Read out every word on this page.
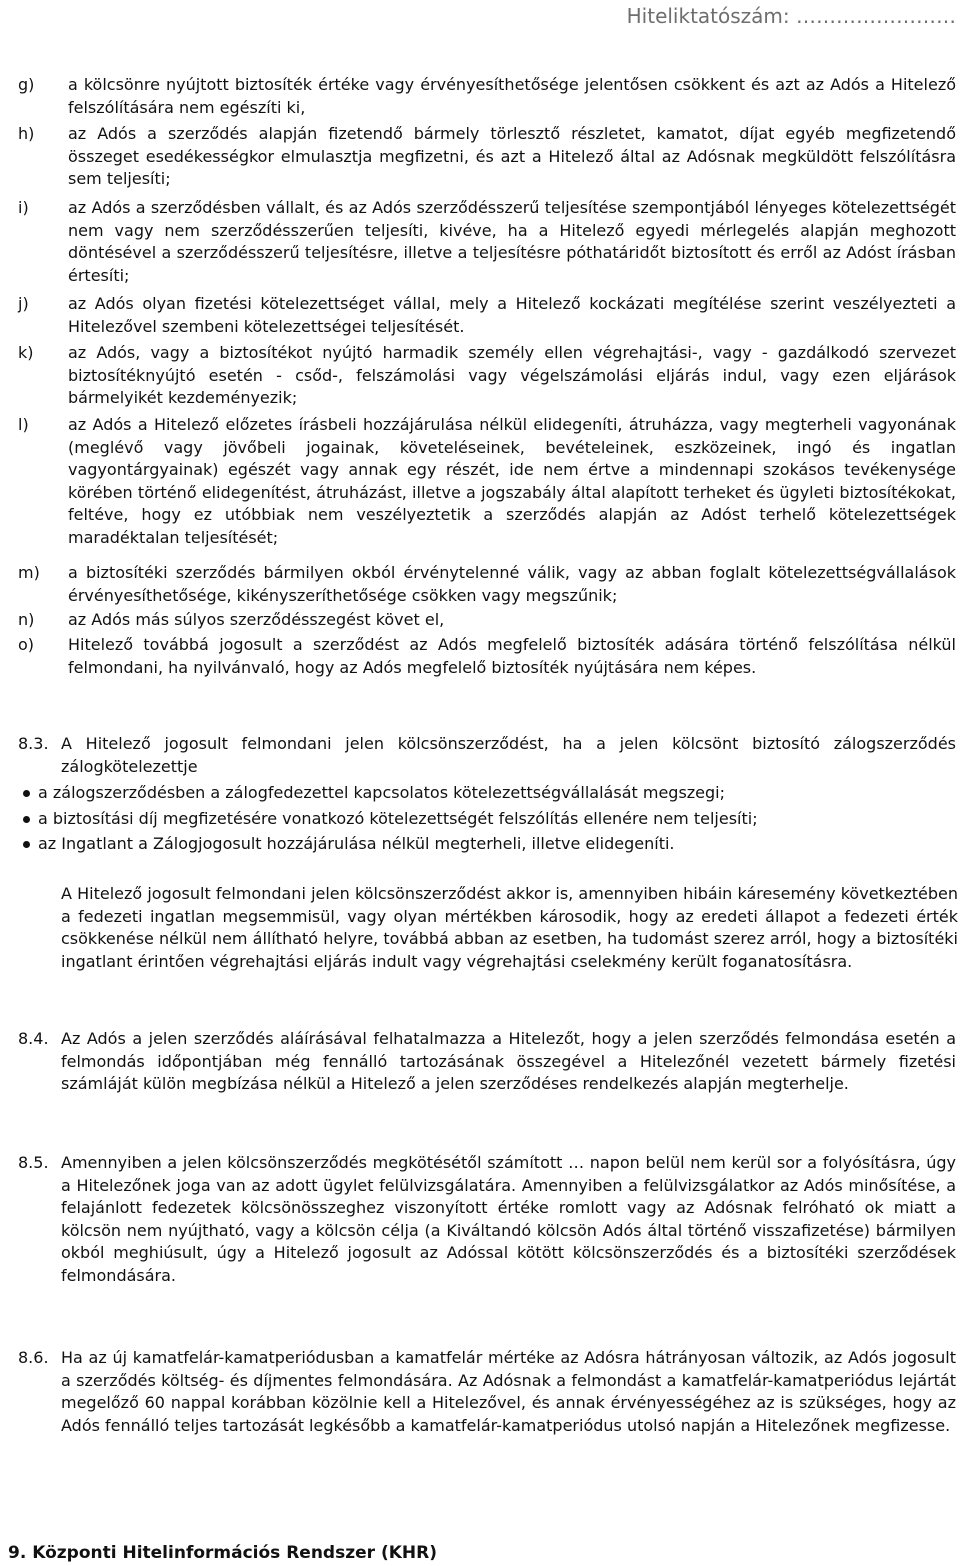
Hiteliktatószám: ……………………
g) a kölcsönre nyújtott biztosíték értéke vagy érvényesíthetősége jelentősen csökkent és azt az Adós a Hitelező felszólítására nem egészíti ki,
h) az Adós a szerződés alapján fizetendő bármely törlesztő részletet, kamatot, díjat egyéb megfizetendő összeget esedékességkor elmulasztja megfizetni, és azt a Hitelező által az Adósnak megküldött felszólításra sem teljesíti;
i) az Adós a szerződésben vállalt, és az Adós szerződésszerű teljesítése szempontjából lényeges kötelezettségét nem vagy nem szerződésszerűen teljesíti, kivéve, ha a Hitelező egyedi mérlegelés alapján meghozott döntésével a szerződésszerű teljesítésre, illetve a teljesítésre póthatáridőt biztosított és erről az Adóst írásban értesíti;
j) az Adós olyan fizetési kötelezettséget vállal, mely a Hitelező kockázati megítélése szerint veszélyezteti a Hitelezővel szembeni kötelezettségei teljesítését.
k) az Adós, vagy a biztosítékot nyújtó harmadik személy ellen végrehajtási-, vagy - gazdálkodó szervezet biztosítéknyújtó esetén - csőd-, felszámolási vagy végelszámolási eljárás indul, vagy ezen eljárások bármelyikét kezdeményezik;
l) az Adós a Hitelező előzetes írásbeli hozzájárulása nélkül elidegeníti, átruházza, vagy megterheli vagyonának (meglévő vagy jövőbeli jogainak, követeléseinek, bevételeinek, eszközeinek, ingó és ingatlan vagyontárgyainak) egészét vagy annak egy részét, ide nem értve a mindennapi szokásos tevékenysége körében történő elidegenítést, átruházást, illetve a jogszabály által alapított terheket és ügyleti biztosítékokat, feltéve, hogy ez utóbbiak nem veszélyeztetik a szerződés alapján az Adóst terhelő kötelezettségek maradéktalan teljesítését;
m) a biztosítéki szerződés bármilyen okból érvénytelenné válik, vagy az abban foglalt kötelezettségvállalások érvényesíthetősége, kikényszeríthetősége csökken vagy megszűnik;
n) az Adós más súlyos szerződésszegést követ el,
o) Hitelező továbbá jogosult a szerződést az Adós megfelelő biztosíték adására történő felszólítása nélkül felmondani, ha nyilvánvaló, hogy az Adós megfelelő biztosíték nyújtására nem képes.
8.3. A Hitelező jogosult felmondani jelen kölcsönszerződést, ha a jelen kölcsönt biztosító zálogszerződés zálogkötelezettje
a zálogszerződésben a zálogfedezettel kapcsolatos kötelezettségvállalását megszegi;
a biztosítási díj megfizetésére vonatkozó kötelezettségét felszólítás ellenére nem teljesíti;
az Ingatlant a Zálogjogosult hozzájárulása nélkül megterheli, illetve elidegeníti.
A Hitelező jogosult felmondani jelen kölcsönszerződést akkor is, amennyiben hibáin káresemény következtében a fedezeti ingatlan megsemmisül, vagy olyan mértékben károsodik, hogy az eredeti állapot a fedezeti érték csökkenése nélkül nem állítható helyre, továbbá abban az esetben, ha tudomást szerez arról, hogy a biztosítéki ingatlant érintően végrehajtási eljárás indult vagy végrehajtási cselekmény került foganatosításra.
8.4. Az Adós a jelen szerződés aláírásával felhatalmazza a Hitelezőt, hogy a jelen szerződés felmondása esetén a felmondás időpontjában még fennálló tartozásának összegével a Hitelezőnél vezetett bármely fizetési számláját külön megbízása nélkül a Hitelező a jelen szerződéses rendelkezés alapján megterhelje.
8.5. Amennyiben a jelen kölcsönszerződés megkötésétől számított … napon belül nem kerül sor a folyósításra, úgy a Hitelezőnek joga van az adott ügylet felülvizsgálatára. Amennyiben a felülvizsgálatkor az Adós minősítése, a felajánlott fedezetek kölcsönösszeghez viszonyított értéke romlott vagy az Adósnak felróható ok miatt a kölcsön nem nyújtható, vagy a kölcsön célja (a Kiváltandó kölcsön Adós által történő visszafizetése) bármilyen okból meghiúsult, úgy a Hitelező jogosult az Adóssal kötött kölcsönszerződés és a biztosítéki szerződések felmondására.
8.6. Ha az új kamatfelár-kamatperiódusban a kamatfelár mértéke az Adósra hátrányosan változik, az Adós jogosult a szerződés költség- és díjmentes felmondására. Az Adósnak a felmondást a kamatfelár-kamatperiódus lejártát megelőző 60 nappal korábban közölnie kell a Hitelezővel, és annak érvényességéhez az is szükséges, hogy az Adós fennálló teljes tartozását legkésőbb a kamatfelár-kamatperiódus utolsó napján a Hitelezőnek megfizesse.
9. Központi Hitelinformációs Rendszer (KHR)
